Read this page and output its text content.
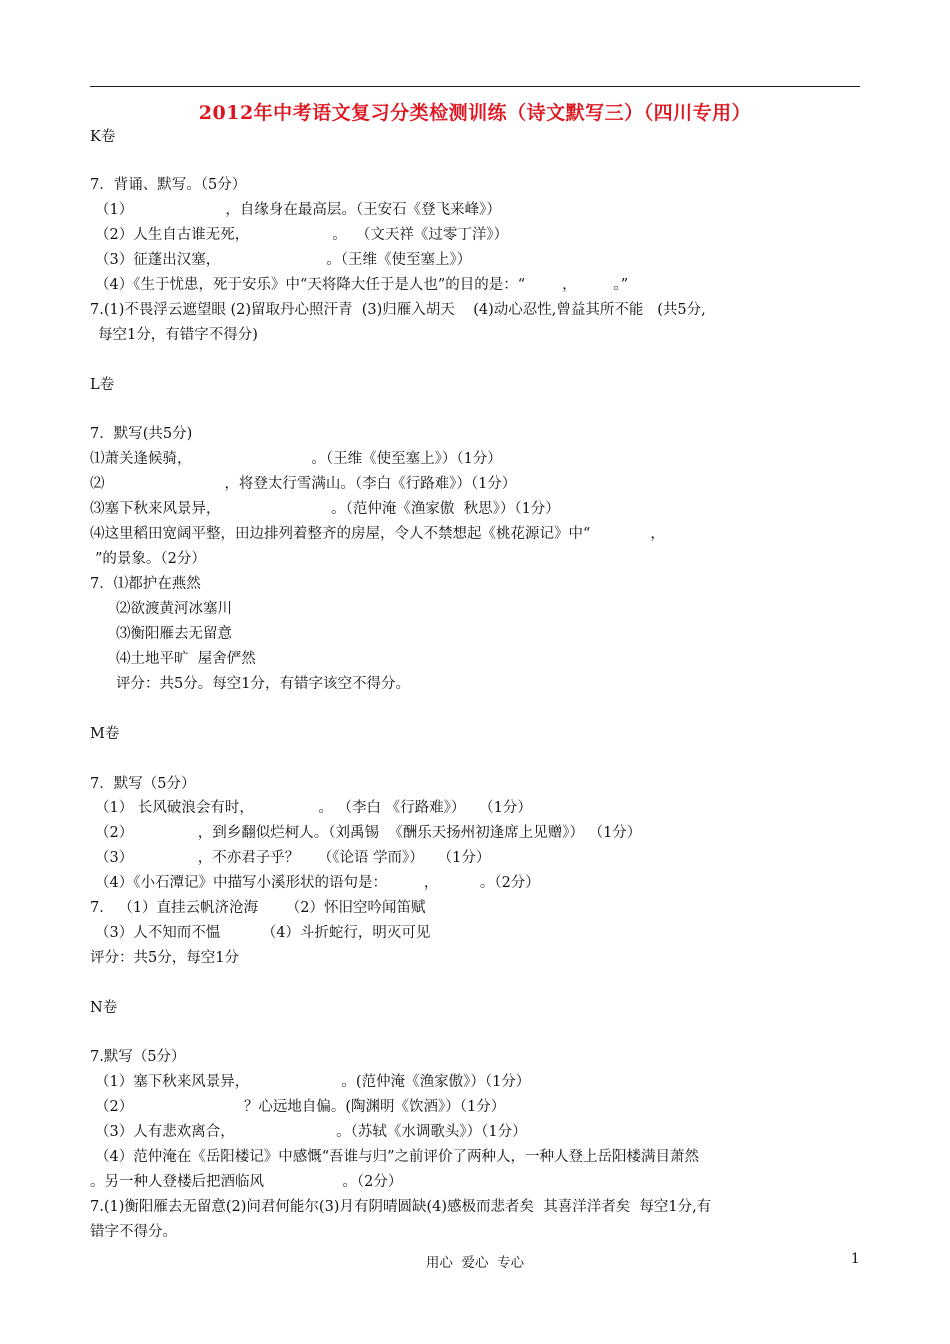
2012年中考语文复习分类检测训练（诗文默写三）（四川专用）
K卷
7．背诵、默写。（5分）
（1）                    ，自缘身在最高层。（王安石《登飞来峰》）
（2）人生自古谁无死，                  。  （文天祥《过零丁洋》）
（3）征蓬出汉塞，                       。（王维《使至塞上》）
（4）《生于忧患，死于安乐》中“天将降大任于是人也”的目的是：“        ，        。”
7.(1)不畏浮云遮望眼 (2)留取丹心照汗青  (3)归雁入胡天    (4)动心忍性,曾益其所不能   (共5分,
每空1分，有错字不得分)
L卷
7．默写(共5分)
⑴萧关逢候骑，                          。（王维《使至塞上》）（1分）
⑵                          ，将登太行雪满山。（李白《行路难》）（1分）
⑶塞下秋来风景异，                        。（范仲淹《渔家傲  秋思》）（1分）
⑷这里稻田宽阔平整，田边排列着整齐的房屋，令人不禁想起《桃花源记》中“             ，
”的景象。（2分）
7．⑴都护在燕然
⑵欲渡黄河冰塞川
⑶衡阳雁去无留意
⑷土地平旷  屋舍俨然
评分：共5分。每空1分，有错字该空不得分。
M卷
7．默写（5分）
（1） 长风破浪会有时，              。 （李白 《行路难》）   （1分）
（2）              ，到乡翻似烂柯人。（刘禹锡  《酬乐天扬州初逢席上见赠》） （1分）
（3）              ，不亦君子乎？    （《论语 学而》）   （1分）
（4）《小石潭记》中描写小溪形状的语句是：        ，         。（2分）
7． （1）直挂云帆济沧海      （2）怀旧空吟闻笛赋
（3）人不知而不愠         （4）斗折蛇行，明灭可见
评分：共5分，每空1分
N卷
7.默写（5分）
（1）塞下秋来风景异，                    。(范仲淹《渔家傲》）（1分）
（2）                        ？心远地自偏。(陶渊明《饮酒》）（1分）
（3）人有悲欢离合，                      。（苏轼《水调歌头》）（1分）
（4）范仲淹在《岳阳楼记》中感慨“吾谁与归”之前评价了两种人，一种人登上岳阳楼满目萧然
。另一种人登楼后把酒临风                 。（2分）
7.(1)衡阳雁去无留意(2)问君何能尔(3)月有阴晴圆缺(4)感极而悲者矣  其喜洋洋者矣  每空1分,有
错字不得分。
用心  爱心  专心	1
